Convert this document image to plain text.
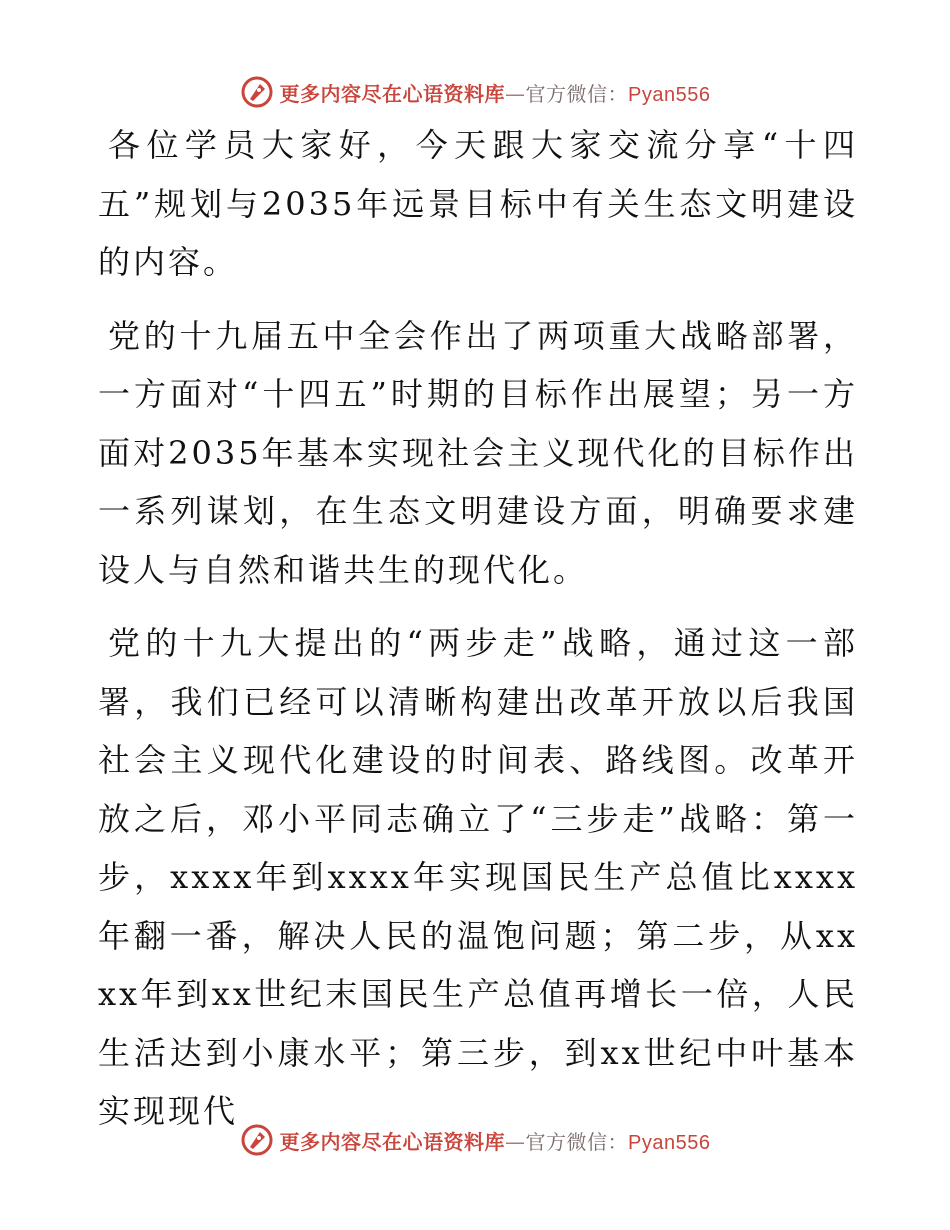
更多内容尽在心语资料库—官方微信：Pyan556

各位学员大家好，今天跟大家交流分享“十四五”规划与2035年远景目标中有关生态文明建设的内容。

党的十九届五中全会作出了两项重大战略部署，一方面对“十四五”时期的目标作出展望；另一方面对2035年基本实现社会主义现代化的目标作出一系列谋划，在生态文明建设方面，明确要求建设人与自然和谐共生的现代化。

党的十九大提出的“两步走”战略，通过这一部署，我们已经可以清晰构建出改革开放以后我国社会主义现代化建设的时间表、路线图。改革开放之后，邓小平同志确立了“三步走”战略：第一步，xxxx年到xxxx年实现国民生产总值比xxxx年翻一番，解决人民的温饱问题；第二步，从xxxx年到xx世纪末国民生产总值再增长一倍，人民生活达到小康水平；第三步，到xx世纪中叶基本实现现代

更多内容尽在心语资料库—官方微信：Pyan556
